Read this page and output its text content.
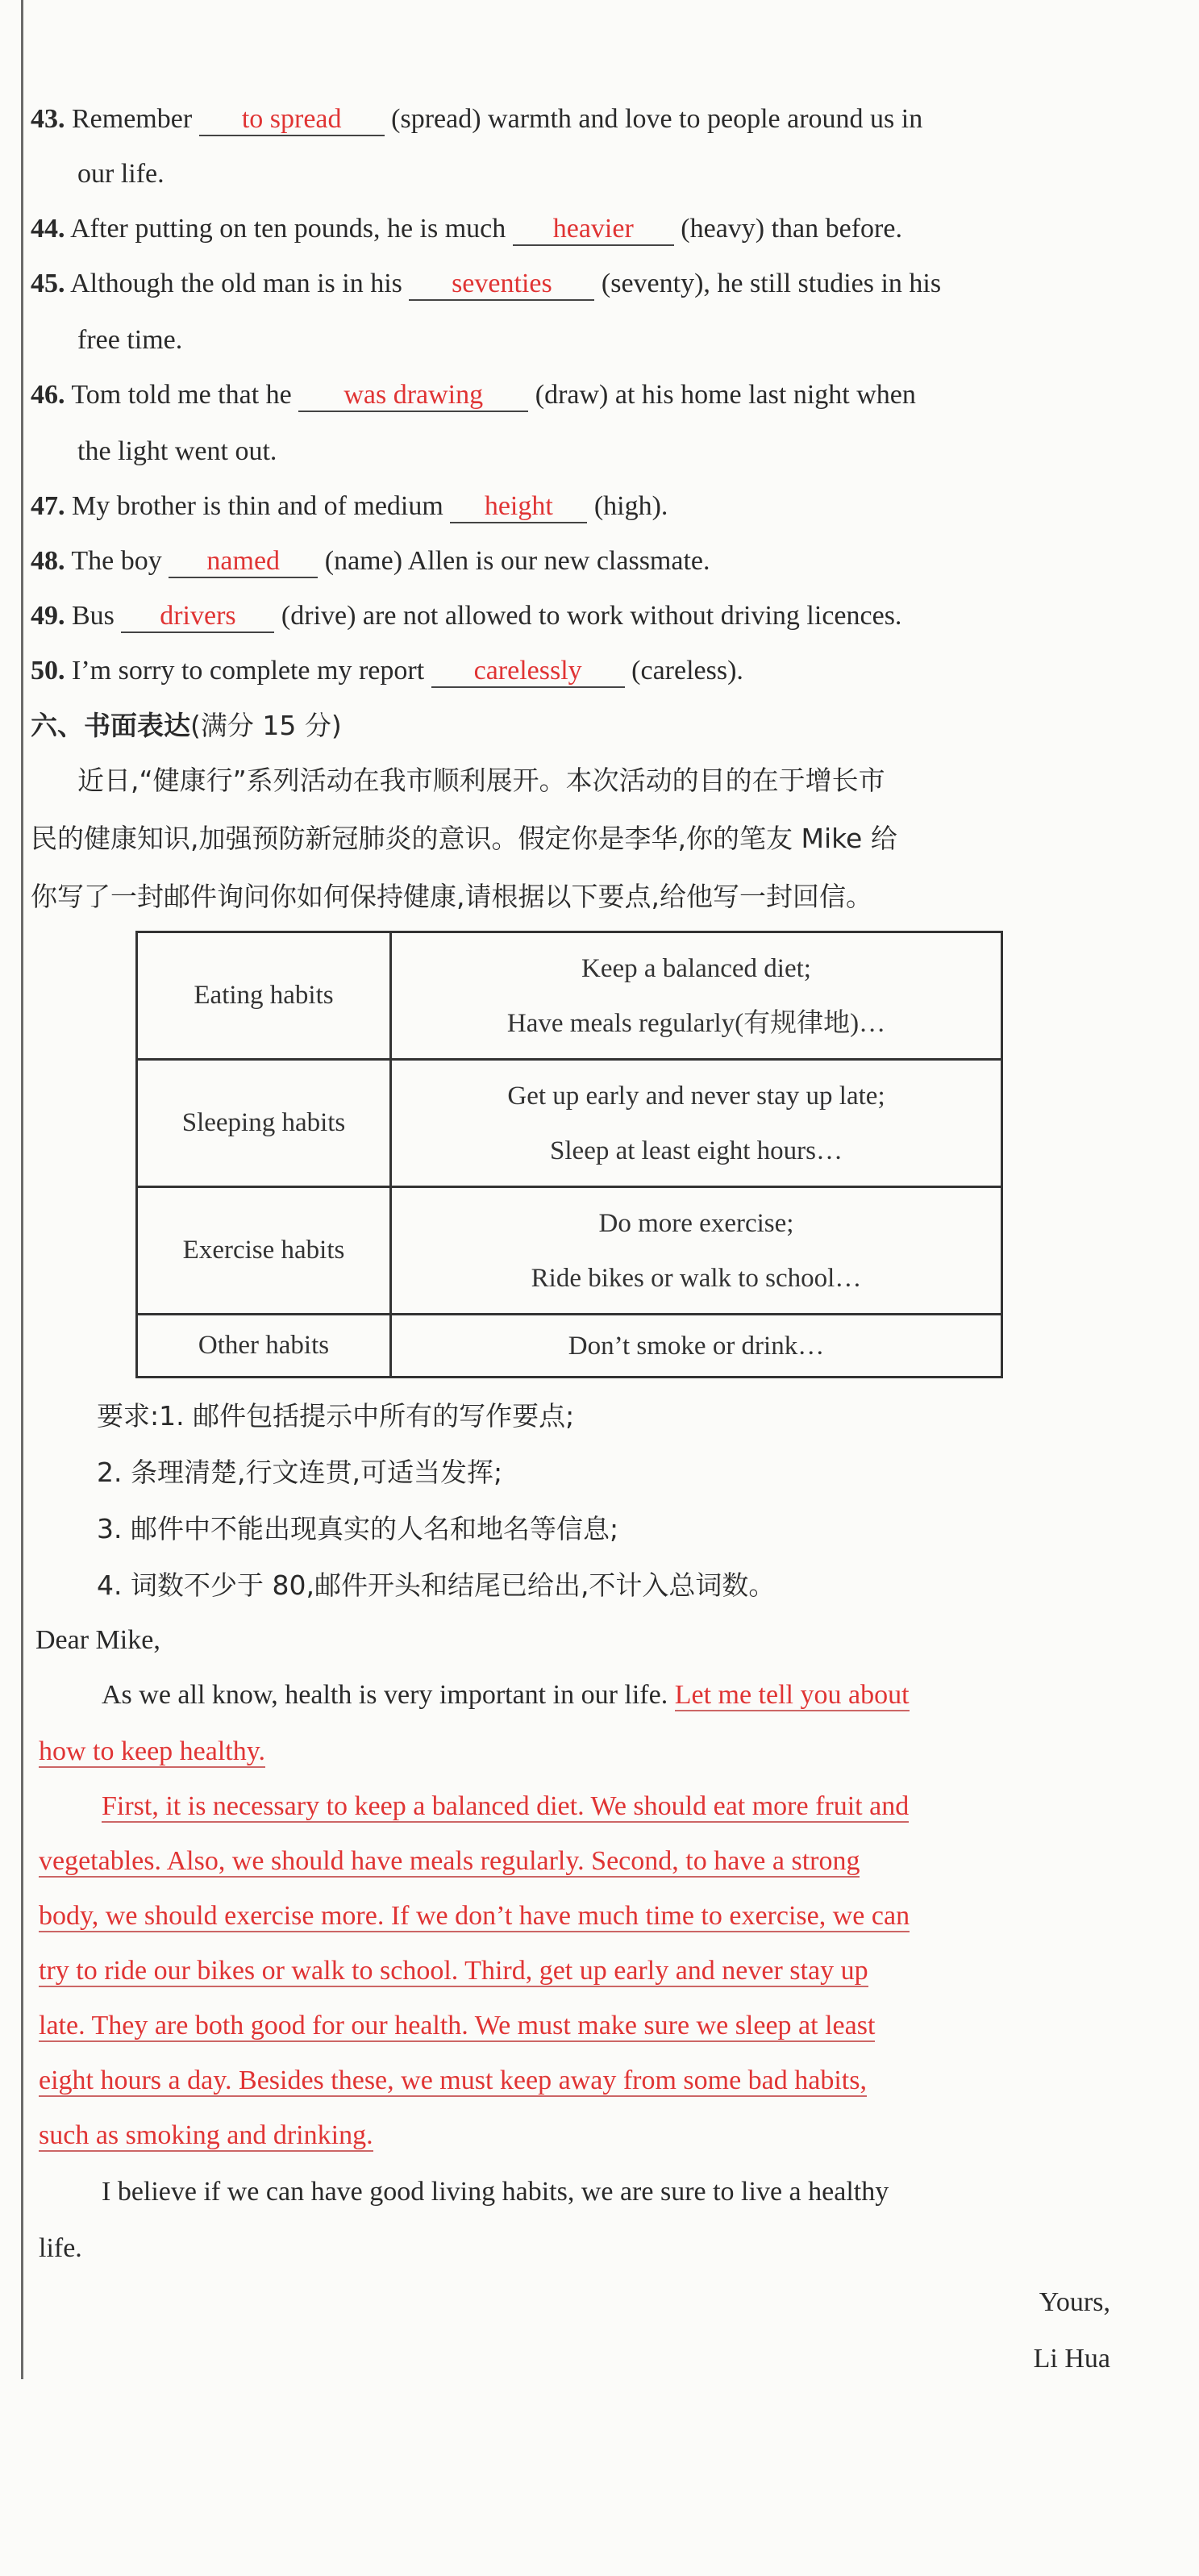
43. Remember to spread (spread) warmth and love to people around us in
our life.
44. After putting on ten pounds, he is much heavier (heavy) than before.
45. Although the old man is in his seventies (seventy), he still studies in his
free time.
46. Tom told me that he was drawing (draw) at his home last night when
the light went out.
47. My brother is thin and of medium height (high).
48. The boy named (name) Allen is our new classmate.
49. Bus drivers (drive) are not allowed to work without driving licences.
50. I’m sorry to complete my report carelessly (careless).
六、书面表达(满分 15 分)
近日,“健康行”系列活动在我市顺利展开。本次活动的目的在于增长市
民的健康知识,加强预防新冠肺炎的意识。假定你是李华,你的笔友 Mike 给
你写了一封邮件询问你如何保持健康,请根据以下要点,给他写一封回信。
Eating habits	Keep a balanced diet;
Have meals regularly(有规律地)…

Sleeping habits	Get up early and never stay up late;
Sleep at least eight hours…

Exercise habits	Do more exercise;
Ride bikes or walk to school…

Other habits	Don’t smoke or drink…
要求:1. 邮件包括提示中所有的写作要点;
2. 条理清楚,行文连贯,可适当发挥;
3. 邮件中不能出现真实的人名和地名等信息;
4. 词数不少于 80,邮件开头和结尾已给出,不计入总词数。
Dear Mike,
As we all know, health is very important in our life. Let me tell you about
how to keep healthy.
First, it is necessary to keep a balanced diet. We should eat more fruit and
vegetables. Also, we should have meals regularly. Second, to have a strong
body, we should exercise more. If we don’t have much time to exercise, we can
try to ride our bikes or walk to school. Third, get up early and never stay up
late. They are both good for our health. We must make sure we sleep at least
eight hours a day. Besides these, we must keep away from some bad habits,
such as smoking and drinking.
I believe if we can have good living habits, we are sure to live a healthy
life.
Yours,
Li Hua
